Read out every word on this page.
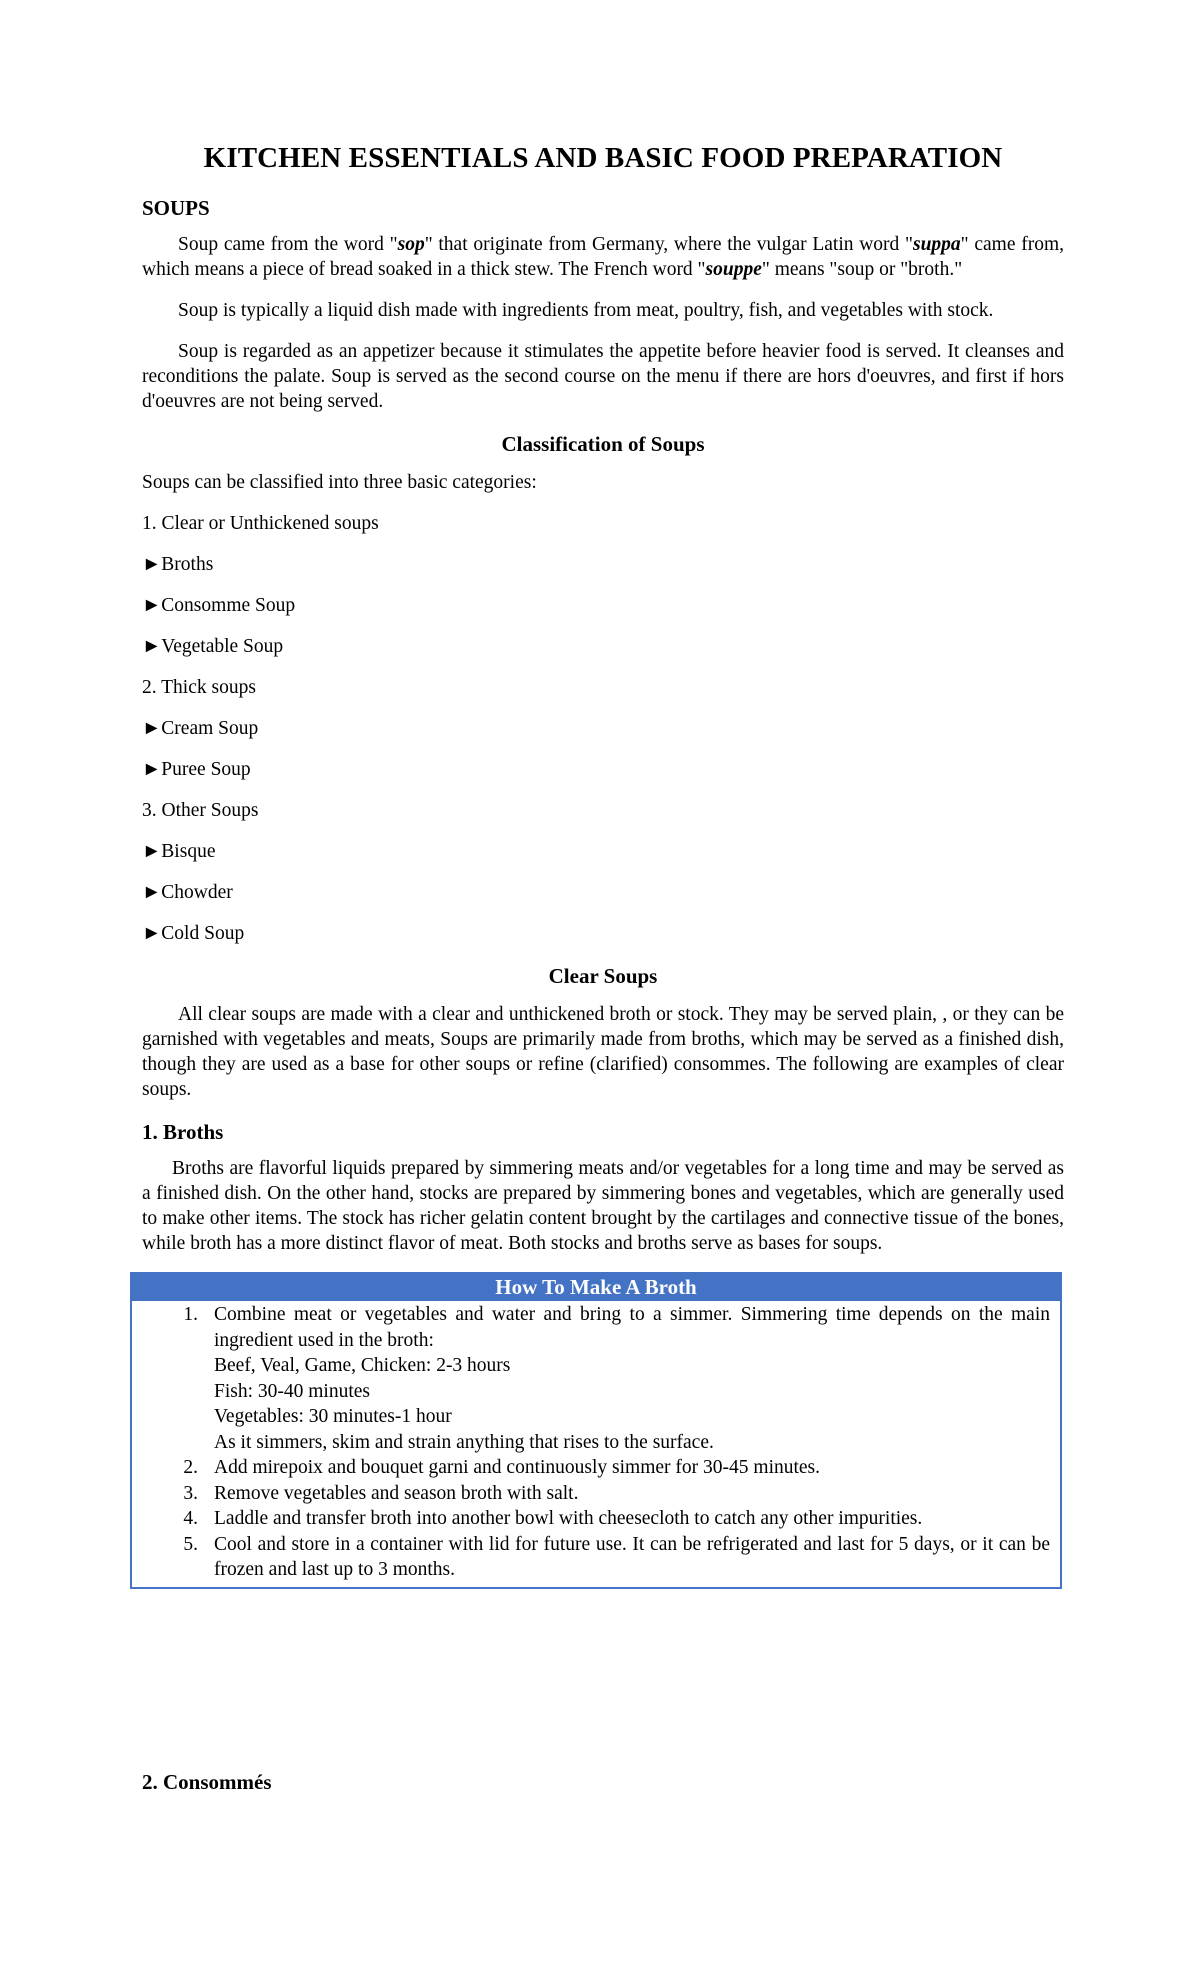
KITCHEN ESSENTIALS AND BASIC FOOD PREPARATION
SOUPS

Soup came from the word "sop" that originate from Germany, where the vulgar Latin word "suppa" came from, which means a piece of bread soaked in a thick stew. The French word "souppe" means "soup or "broth."

Soup is typically a liquid dish made with ingredients from meat, poultry, fish, and vegetables with stock.

Soup is regarded as an appetizer because it stimulates the appetite before heavier food is served. It cleanses and reconditions the palate. Soup is served as the second course on the menu if there are hors d'oeuvres, and first if hors d'oeuvres are not being served.

Classification of Soups
Soups can be classified into three basic categories:
1. Clear or Unthickened soups
►Broths
►Consomme Soup
►Vegetable Soup
2. Thick soups
►Cream Soup
►Puree Soup
3. Other Soups
►Bisque
►Chowder
►Cold Soup
Clear Soups

All clear soups are made with a clear and unthickened broth or stock. They may be served plain, , or they can be garnished with vegetables and meats, Soups are primarily made from broths, which may be served as a finished dish, though they are used as a base for other soups or refine (clarified) consommes. The following are examples of clear soups.

1. Broths

Broths are flavorful liquids prepared by simmering meats and/or vegetables for a long time and may be served as a finished dish. On the other hand, stocks are prepared by simmering bones and vegetables, which are generally used to make other items. The stock has richer gelatin content brought by the cartilages and connective tissue of the bones, while broth has a more distinct flavor of meat. Both stocks and broths serve as bases for soups.

How To Make A Broth
1. Combine meat or vegetables and water and bring to a simmer. Simmering time depends on the main ingredient used in the broth:
Beef, Veal, Game, Chicken: 2-3 hours
Fish: 30-40 minutes
Vegetables: 30 minutes-1 hour
As it simmers, skim and strain anything that rises to the surface.
2. Add mirepoix and bouquet garni and continuously simmer for 30-45 minutes.
3. Remove vegetables and season broth with salt.
4. Laddle and transfer broth into another bowl with cheesecloth to catch any other impurities.
5. Cool and store in a container with lid for future use. It can be refrigerated and last for 5 days, or it can be frozen and last up to 3 months.
2. Consommés
